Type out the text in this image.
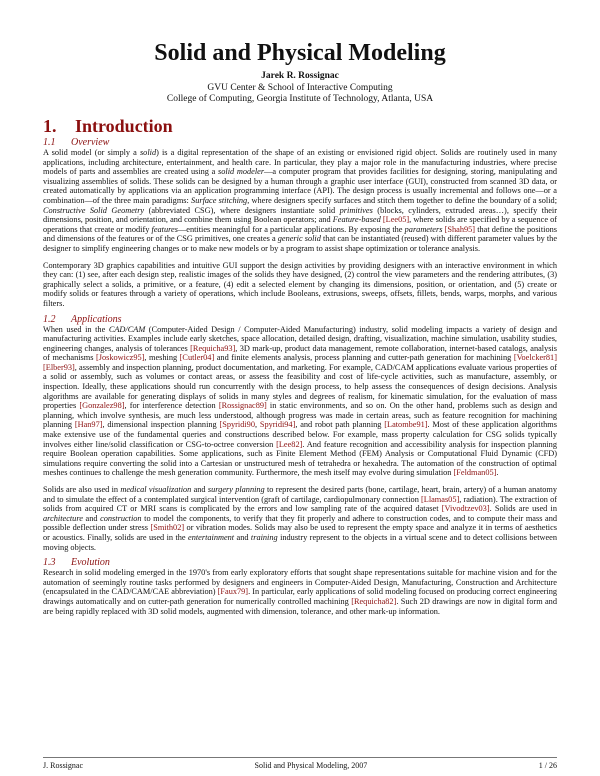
Solid and Physical Modeling
Jarek R. Rossignac
GVU Center & School of Interactive Computing
College of Computing, Georgia Institute of Technology, Atlanta, USA
1. Introduction
1.1 Overview

A solid model (or simply a solid) is a digital representation of the shape of an existing or envisioned rigid object. Solids are routinely used in many applications, including architecture, entertainment, and health care. In particular, they play a major role in the manufacturing industries, where precise models of parts and assemblies are created using a solid modeler—a computer program that provides facilities for designing, storing, manipulating and visualizing assemblies of solids. These solids can be designed by a human through a graphic user interface (GUI), constructed from scanned 3D data, or created automatically by applications via an application programming interface (API). The design process is usually incremental and follows one—or a combination—of the three main paradigms: Surface stitching, where designers specify surfaces and stitch them together to define the boundary of a solid; Constructive Solid Geometry (abbreviated CSG), where designers instantiate solid primitives (blocks, cylinders, extruded areas…), specify their dimensions, position, and orientation, and combine them using Boolean operators; and Feature-based [Lee05], where solids are specified by a sequence of operations that create or modify features—entities meaningful for a particular applications. By exposing the parameters [Shah95] that define the positions and dimensions of the features or of the CSG primitives, one creates a generic solid that can be instantiated (reused) with different parameter values by the designer to simplify engineering changes or to make new models or by a program to assist shape optimization or tolerance analysis.

Contemporary 3D graphics capabilities and intuitive GUI support the design activities by providing designers with an interactive environment in which they can: (1) see, after each design step, realistic images of the solids they have designed, (2) control the view parameters and the rendering attributes, (3) graphically select a solids, a primitive, or a feature, (4) edit a selected element by changing its dimensions, position, or orientation, and (5) create or modify solids or features through a variety of operations, which include Booleans, extrusions, sweeps, offsets, fillets, bends, warps, morphs, and various filters.

1.2 Applications

When used in the CAD/CAM (Computer-Aided Design / Computer-Aided Manufacturing) industry, solid modeling impacts a variety of design and manufacturing activities. Examples include early sketches, space allocation, detailed design, drafting, visualization, machine simulation, usability studies, engineering changes, analysis of tolerances [Requicha93], 3D mark-up, product data management, remote collaboration, internet-based catalogs, analysis of mechanisms [Joskowicz95], meshing [Cutler04] and finite elements analysis, process planning and cutter-path generation for machining [Voelcker81] [Elber93], assembly and inspection planning, product documentation, and marketing. For example, CAD/CAM applications evaluate various properties of a solid or assembly, such as volumes or contact areas, or assess the feasibility and cost of life-cycle activities, such as manufacture, assembly, or inspection. Ideally, these applications should run concurrently with the design process, to help assess the consequences of design decisions. Analysis algorithms are available for generating displays of solids in many styles and degrees of realism, for kinematic simulation, for the evaluation of mass properties [Gonzalez98], for interference detection [Rossignac89] in static environments, and so on. On the other hand, problems such as design and planning, which involve synthesis, are much less understood, although progress was made in certain areas, such as feature recognition for machining planning [Han97], dimensional inspection planning [Spyridi90, Spyridi94], and robot path planning [Latombe91]. Most of these application algorithms make extensive use of the fundamental queries and constructions described below. For example, mass property calculation for CSG solids typically involves either line/solid classification or CSG-to-octree conversion [Lee82]. And feature recognition and accessibility analysis for inspection planning require Boolean operation capabilities. Some applications, such as Finite Element Method (FEM) Analysis or Computational Fluid Dynamic (CFD) simulations require converting the solid into a Cartesian or unstructured mesh of tetrahedra or hexahedra. The automation of the construction of optimal meshes continues to challenge the mesh generation community. Furthermore, the mesh itself may evolve during simulation [Feldman05].

Solids are also used in medical visualization and surgery planning to represent the desired parts (bone, cartilage, heart, brain, artery) of a human anatomy and to simulate the effect of a contemplated surgical intervention (graft of cartilage, cardiopulmonary connection [Llamas05], radiation). The extraction of solids from acquired CT or MRI scans is complicated by the errors and low sampling rate of the acquired dataset [Vivodtzev03]. Solids are used in architecture and construction to model the components, to verify that they fit properly and adhere to construction codes, and to compute their mass and possible deflection under stress [Smith02] or vibration modes. Solids may also be used to represent the empty space and analyze it in terms of aesthetics or acoustics. Finally, solids are used in the entertainment and training industry represent to the objects in a virtual scene and to detect collisions between moving objects.

1.3 Evolution

Research in solid modeling emerged in the 1970's from early exploratory efforts that sought shape representations suitable for machine vision and for the automation of seemingly routine tasks performed by designers and engineers in Computer-Aided Design, Manufacturing, Construction and Architecture (encapsulated in the CAD/CAM/CAE abbreviation) [Faux79]. In particular, early applications of solid modeling focused on producing correct engineering drawings automatically and on cutter-path generation for numerically controlled machining [Requicha82]. Such 2D drawings are now in digital form and are being rapidly replaced with 3D solid models, augmented with dimension, tolerance, and other mark-up information.

J. Rossignac	Solid and Physical Modeling, 2007	1 / 26
